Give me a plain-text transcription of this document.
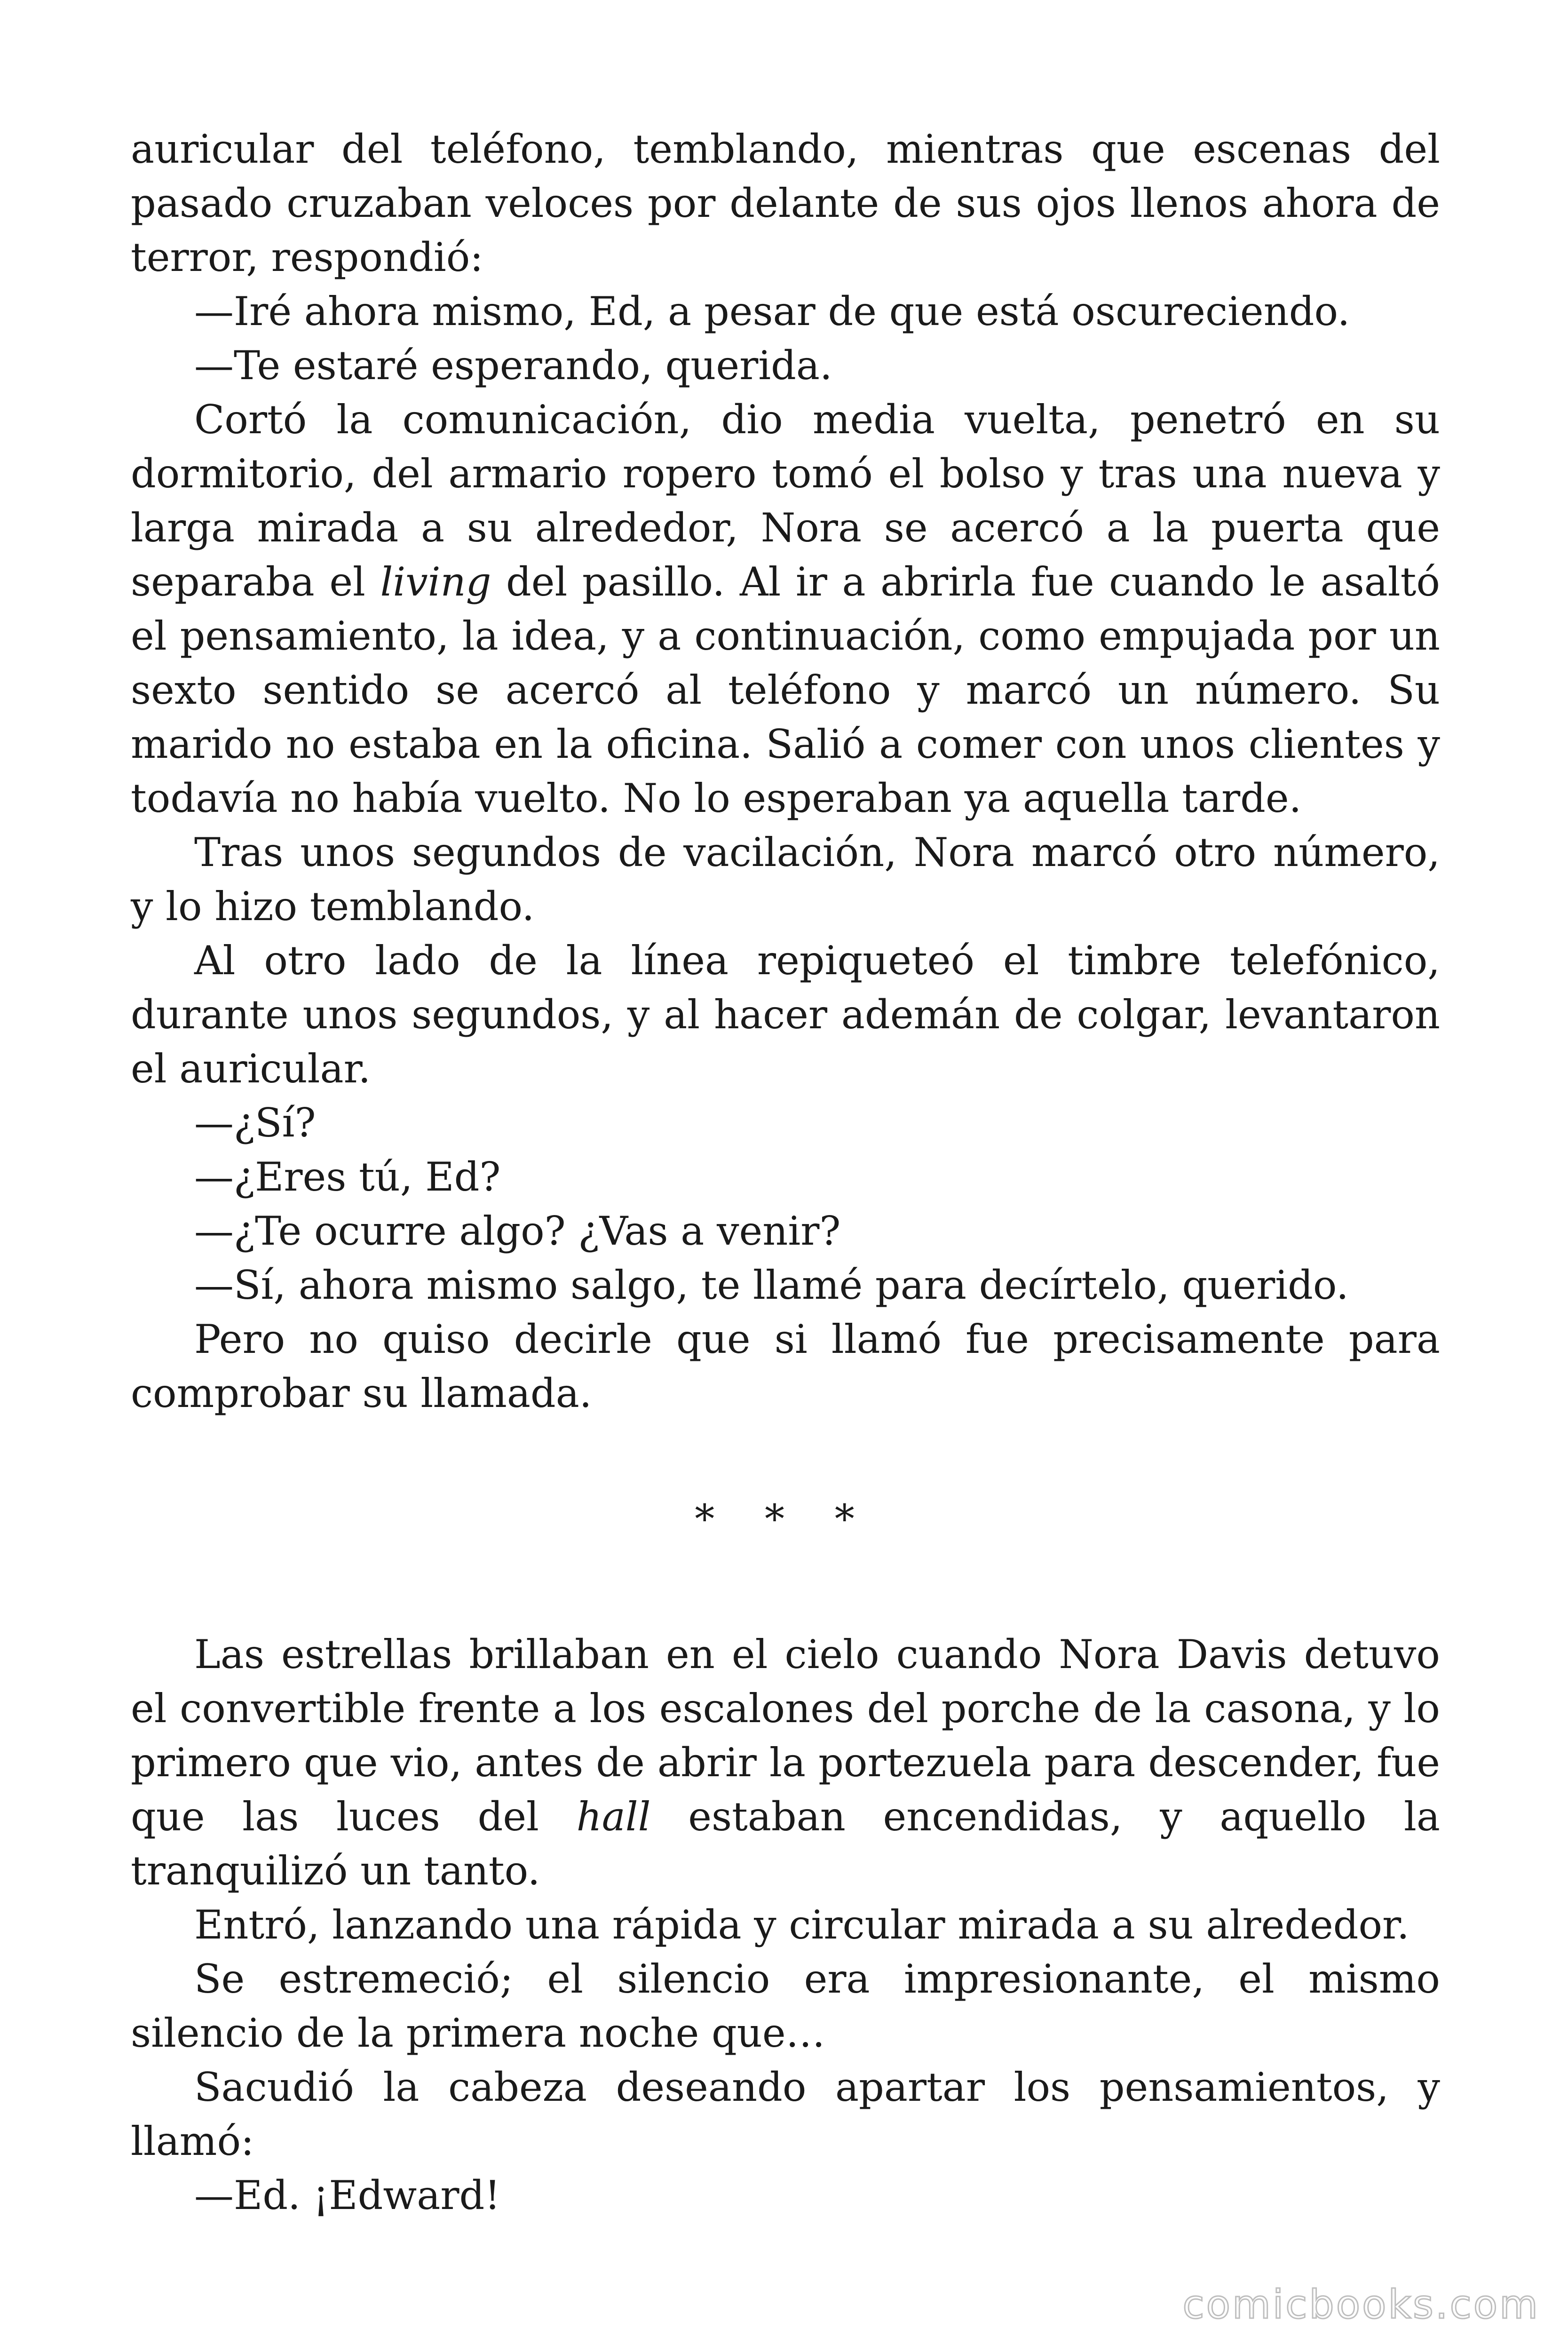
auricular del teléfono, temblando, mientras que escenas del pasado cruzaban veloces por delante de sus ojos llenos ahora de terror, respondió:

—Iré ahora mismo, Ed, a pesar de que está oscureciendo.

—Te estaré esperando, querida.

Cortó la comunicación, dio media vuelta, penetró en su dormitorio, del armario ropero tomó el bolso y tras una nueva y larga mirada a su alrededor, Nora se acercó a la puerta que separaba el living del pasillo. Al ir a abrirla fue cuando le asaltó el pensamiento, la idea, y a continuación, como empujada por un sexto sentido se acercó al teléfono y marcó un número. Su marido no estaba en la oficina. Salió a comer con unos clientes y todavía no había vuelto. No lo esperaban ya aquella tarde.

Tras unos segundos de vacilación, Nora marcó otro número, y lo hizo temblando.

Al otro lado de la línea repiqueteó el timbre telefónico, durante unos segundos, y al hacer ademán de colgar, levantaron el auricular.

—¿Sí?

—¿Eres tú, Ed?

—¿Te ocurre algo? ¿Vas a venir?

—Sí, ahora mismo salgo, te llamé para decírtelo, querido.

Pero no quiso decirle que si llamó fue precisamente para comprobar su llamada.

* * *

Las estrellas brillaban en el cielo cuando Nora Davis detuvo el convertible frente a los escalones del porche de la casona, y lo primero que vio, antes de abrir la portezuela para descender, fue que las luces del hall estaban encendidas, y aquello la tranquilizó un tanto.

Entró, lanzando una rápida y circular mirada a su alrededor.

Se estremeció; el silencio era impresionante, el mismo silencio de la primera noche que…

Sacudió la cabeza deseando apartar los pensamientos, y llamó:

—Ed. ¡Edward!

comicbooks.com
